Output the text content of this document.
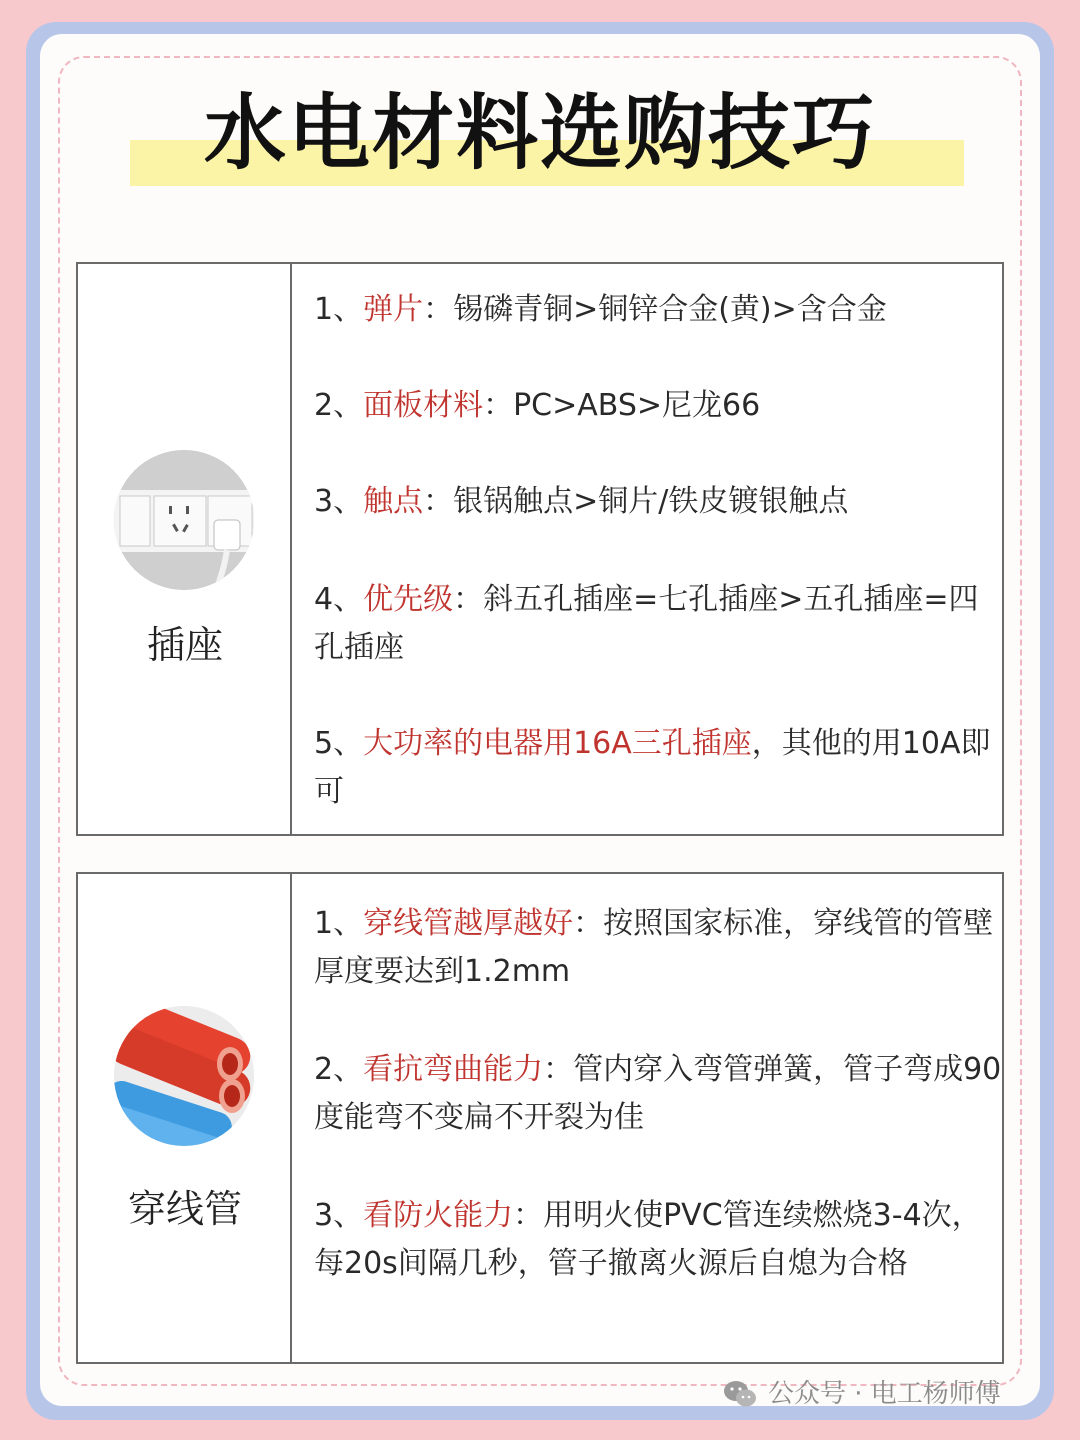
水电材料选购技巧
插座
1、弹片：锡磷青铜>铜锌合金(黄)>含合金
2、面板材料：PC>ABS>尼龙66
3、触点：银锅触点>铜片/铁皮镀银触点
4、优先级：斜五孔插座=七孔插座>五孔插座=四孔插座
5、大功率的电器用16A三孔插座，其他的用10A即可
穿线管
1、穿线管越厚越好：按照国家标准，穿线管的管壁厚度要达到1.2mm
2、看抗弯曲能力：管内穿入弯管弹簧，管子弯成90度能弯不变扁不开裂为佳
3、看防火能力：用明火使PVC管连续燃烧3-4次，每20s间隔几秒，管子撤离火源后自熄为合格
公众号 · 电工杨师傅
